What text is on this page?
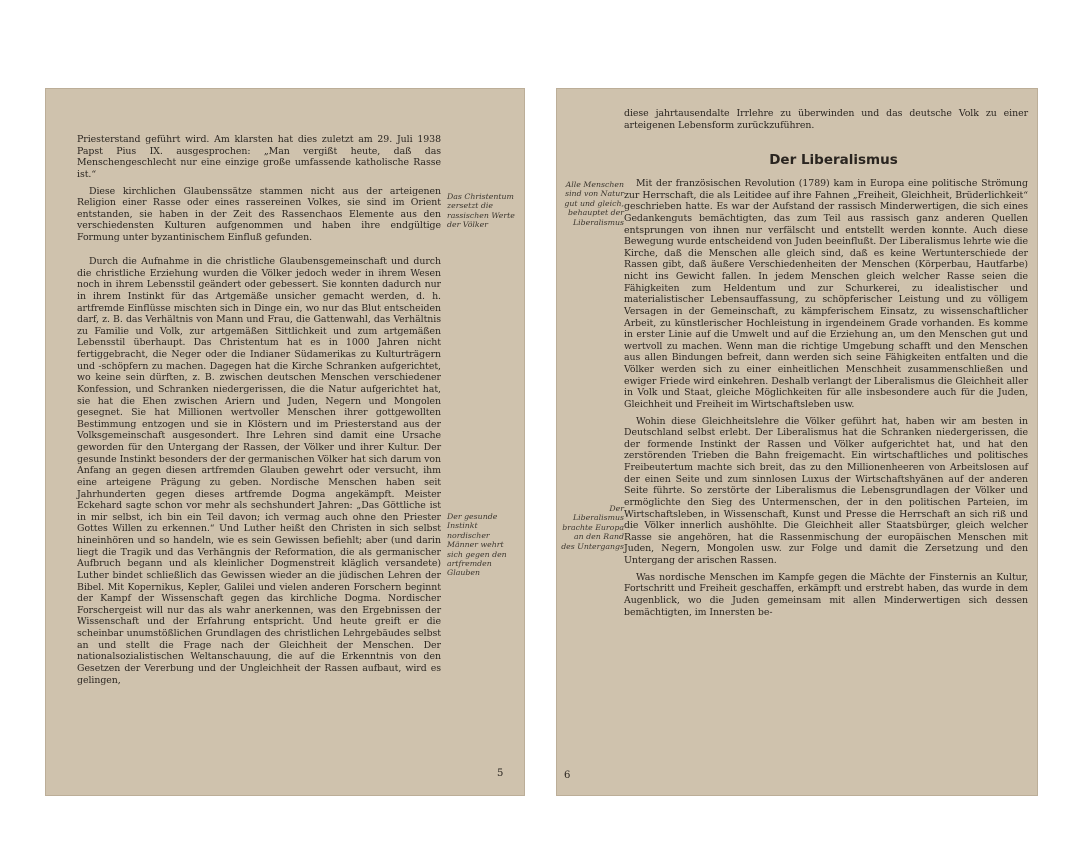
Priesterstand geführt wird. Am klarsten hat dies zuletzt am 29. Juli 1938 Papst Pius IX. ausgesprochen: „Man vergißt heute, daß das Menschengeschlecht nur eine einzige große umfassende katholische Rasse ist.“

Diese kirchlichen Glaubenssätze stammen nicht aus der arteigenen Religion einer Rasse oder eines rassereinen Volkes, sie sind im Orient entstanden, sie haben in der Zeit des Rassenchaos Elemente aus den verschiedensten Kulturen aufgenommen und haben ihre endgültige Formung unter byzantinischem Einfluß gefunden.

Durch die Aufnahme in die christliche Glaubensgemeinschaft und durch die christliche Erziehung wurden die Völker jedoch weder in ihrem Wesen noch in ihrem Lebensstil geändert oder gebessert. Sie konnten dadurch nur in ihrem Instinkt für das Artgemäße unsicher gemacht werden, d. h. artfremde Einflüsse mischten sich in Dinge ein, wo nur das Blut entscheiden darf, z. B. das Verhältnis von Mann und Frau, die Gattenwahl, das Verhältnis zu Familie und Volk, zur artgemäßen Sittlichkeit und zum artgemäßen Lebensstil überhaupt. Das Christentum hat es in 1000 Jahren nicht fertiggebracht, die Neger oder die Indianer Südamerikas zu Kulturträgern und -schöpfern zu machen. Dagegen hat die Kirche Schranken aufgerichtet, wo keine sein dürften, z. B. zwischen deutschen Menschen verschiedener Konfession, und Schranken niedergerissen, die die Natur aufgerichtet hat, sie hat die Ehen zwischen Ariern und Juden, Negern und Mongolen gesegnet. Sie hat Millionen wertvoller Menschen ihrer gottgewollten Bestimmung entzogen und sie in Klöstern und im Priesterstand aus der Volksgemeinschaft ausgesondert. Ihre Lehren sind damit eine Ursache geworden für den Untergang der Rassen, der Völker und ihrer Kultur. Der gesunde Instinkt besonders der der germanischen Völker hat sich darum von Anfang an gegen diesen artfremden Glauben gewehrt oder versucht, ihm eine arteigene Prägung zu geben. Nordische Menschen haben seit Jahrhunderten gegen dieses artfremde Dogma angekämpft. Meister Eckehard sagte schon vor mehr als sechshundert Jahren: „Das Göttliche ist in mir selbst, ich bin ein Teil davon; ich vermag auch ohne den Priester Gottes Willen zu erkennen.“ Und Luther heißt den Christen in sich selbst hineinhören und so handeln, wie es sein Gewissen befiehlt; aber (und darin liegt die Tragik und das Verhängnis der Reformation, die als germanischer Aufbruch begann und als kleinlicher Dogmenstreit kläglich versandete) Luther bindet schließlich das Gewissen wieder an die jüdischen Lehren der Bibel. Mit Kopernikus, Kepler, Galilei und vielen anderen Forschern beginnt der Kampf der Wissenschaft gegen das kirchliche Dogma. Nordischer Forschergeist will nur das als wahr anerkennen, was den Ergebnissen der Wissenschaft und der Erfahrung entspricht. Und heute greift er die scheinbar unumstößlichen Grundlagen des christlichen Lehrgebäudes selbst an und stellt die Frage nach der Gleichheit der Menschen. Der nationalsozialistischen Weltanschauung, die auf die Erkenntnis von den Gesetzen der Vererbung und der Ungleichheit der Rassen aufbaut, wird es gelingen,

Das Christentum zersetzt die rassischen Werte der Völker
Der gesunde Instinkt nordischer Männer wehrt sich gegen den artfremden Glauben
5

diese jahrtausendalte Irrlehre zu überwinden und das deutsche Volk zu einer arteigenen Lebensform zurückzuführen.

Der Liberalismus

Mit der französischen Revolution (1789) kam in Europa eine politische Strömung zur Herrschaft, die als Leitidee auf ihre Fahnen „Freiheit, Gleichheit, Brüderlichkeit“ geschrieben hatte. Es war der Aufstand der rassisch Minderwertigen, die sich eines Gedankenguts bemächtigten, das zum Teil aus rassisch ganz anderen Quellen entsprungen von ihnen nur verfälscht und entstellt werden konnte. Auch diese Bewegung wurde entscheidend von Juden beeinflußt. Der Liberalismus lehrte wie die Kirche, daß die Menschen alle gleich sind, daß es keine Wertunterschiede der Rassen gibt, daß äußere Verschiedenheiten der Menschen (Körperbau, Hautfarbe) nicht ins Gewicht fallen. In jedem Menschen gleich welcher Rasse seien die Fähigkeiten zum Heldentum und zur Schurkerei, zu idealistischer und materialistischer Lebensauffassung, zu schöpferischer Leistung und zu völligem Versagen in der Gemeinschaft, zu kämpferischem Einsatz, zu wissenschaftlicher Arbeit, zu künstlerischer Hochleistung in irgendeinem Grade vorhanden. Es komme in erster Linie auf die Umwelt und auf die Erziehung an, um den Menschen gut und wertvoll zu machen. Wenn man die richtige Umgebung schafft und den Menschen aus allen Bindungen befreit, dann werden sich seine Fähigkeiten entfalten und die Völker werden sich zu einer einheitlichen Menschheit zusammenschließen und ewiger Friede wird einkehren. Deshalb verlangt der Liberalismus die Gleichheit aller in Volk und Staat, gleiche Möglichkeiten für alle insbesondere auch für die Juden, Gleichheit und Freiheit im Wirtschaftsleben usw.

Wohin diese Gleichheitslehre die Völker geführt hat, haben wir am besten in Deutschland selbst erlebt. Der Liberalismus hat die Schranken niedergerissen, die der formende Instinkt der Rassen und Völker aufgerichtet hat, und hat den zerstörenden Trieben die Bahn freigemacht. Ein wirtschaftliches und politisches Freibeutertum machte sich breit, das zu den Millionenheeren von Arbeitslosen auf der einen Seite und zum sinnlosen Luxus der Wirtschaftshyänen auf der anderen Seite führte. So zerstörte der Liberalismus die Lebensgrundlagen der Völker und ermöglichte den Sieg des Untermenschen, der in den politischen Parteien, im Wirtschaftsleben, in Wissenschaft, Kunst und Presse die Herrschaft an sich riß und die Völker innerlich aushöhlte. Die Gleichheit aller Staatsbürger, gleich welcher Rasse sie angehören, hat die Rassenmischung der europäischen Menschen mit Juden, Negern, Mongolen usw. zur Folge und damit die Zersetzung und den Untergang der arischen Rassen.

Was nordische Menschen im Kampfe gegen die Mächte der Finsternis an Kultur, Fortschritt und Freiheit geschaffen, erkämpft und erstrebt haben, das wurde in dem Augenblick, wo die Juden gemeinsam mit allen Minderwertigen sich dessen bemächtigten, im Innersten be-

Alle Menschen sind von Natur gut und gleich, behauptet der Liberalismus
Der Liberalismus brachte Europa an den Rand des Untergangs
6
